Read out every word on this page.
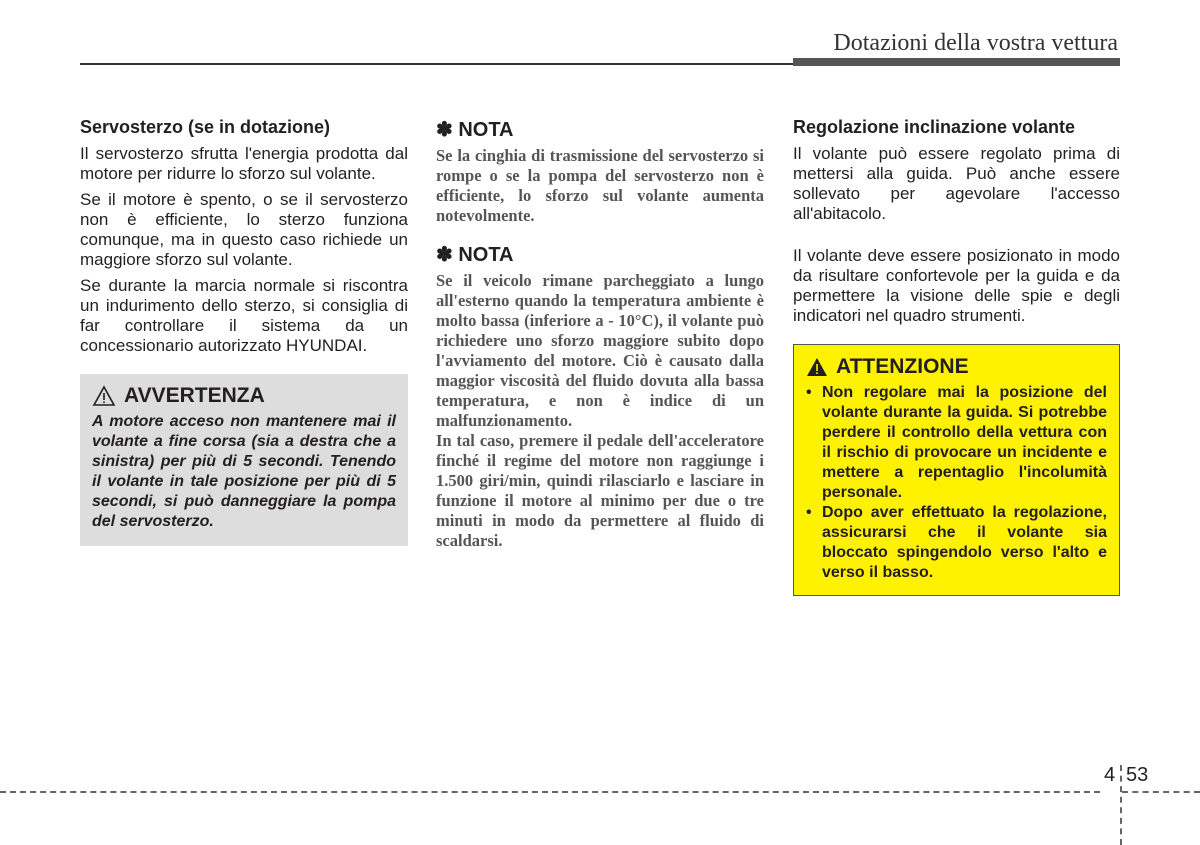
Dotazioni della vostra vettura
Servosterzo (se in dotazione)

Il servosterzo sfrutta l'energia prodotta dal motore per ridurre lo sforzo sul volante.

Se il motore è spento, o se il servosterzo non è efficiente, lo sterzo funziona comunque, ma in questo caso richiede un maggiore sforzo sul volante.

Se durante la marcia normale si riscontra un indurimento dello sterzo, si consiglia di far controllare il sistema da un concessionario autorizzato HYUNDAI.

AVVERTENZA

A motore acceso non mantenere mai il volante a fine corsa (sia a destra che a sinistra) per più di 5 secondi. Tenendo il volante in tale posizione per più di 5 secondi, si può danneggiare la pompa del servosterzo.

✽ NOTA

Se la cinghia di trasmissione del servosterzo si rompe o se la pompa del servosterzo non è efficiente, lo sforzo sul volante aumenta notevolmente.

✽ NOTA

Se il veicolo rimane parcheggiato a lungo all'esterno quando la temperatura ambiente è molto bassa (inferiore a - 10°C), il volante può richiedere uno sforzo maggiore subito dopo l'avviamento del motore. Ciò è causato dalla maggior viscosità del fluido dovuta alla bassa temperatura, e non è indice di un malfunzionamento.

In tal caso, premere il pedale dell'acceleratore finché il regime del motore non raggiunge i 1.500 giri/min, quindi rilasciarlo e lasciare in funzione il motore al minimo per due o tre minuti in modo da permettere al fluido di scaldarsi.

Regolazione inclinazione volante

Il volante può essere regolato prima di mettersi alla guida. Può anche essere sollevato per agevolare l'accesso all'abitacolo.

Il volante deve essere posizionato in modo da risultare confortevole per la guida e da permettere la visione delle spie e degli indicatori nel quadro strumenti.

ATTENZIONE
• Non regolare mai la posizione del volante durante la guida. Si potrebbe perdere il controllo della vettura con il rischio di provocare un incidente e mettere a repentaglio l'incolumità personale.
• Dopo aver effettuato la regolazione, assicurarsi che il volante sia bloccato spingendolo verso l'alto e verso il basso.
4 53
